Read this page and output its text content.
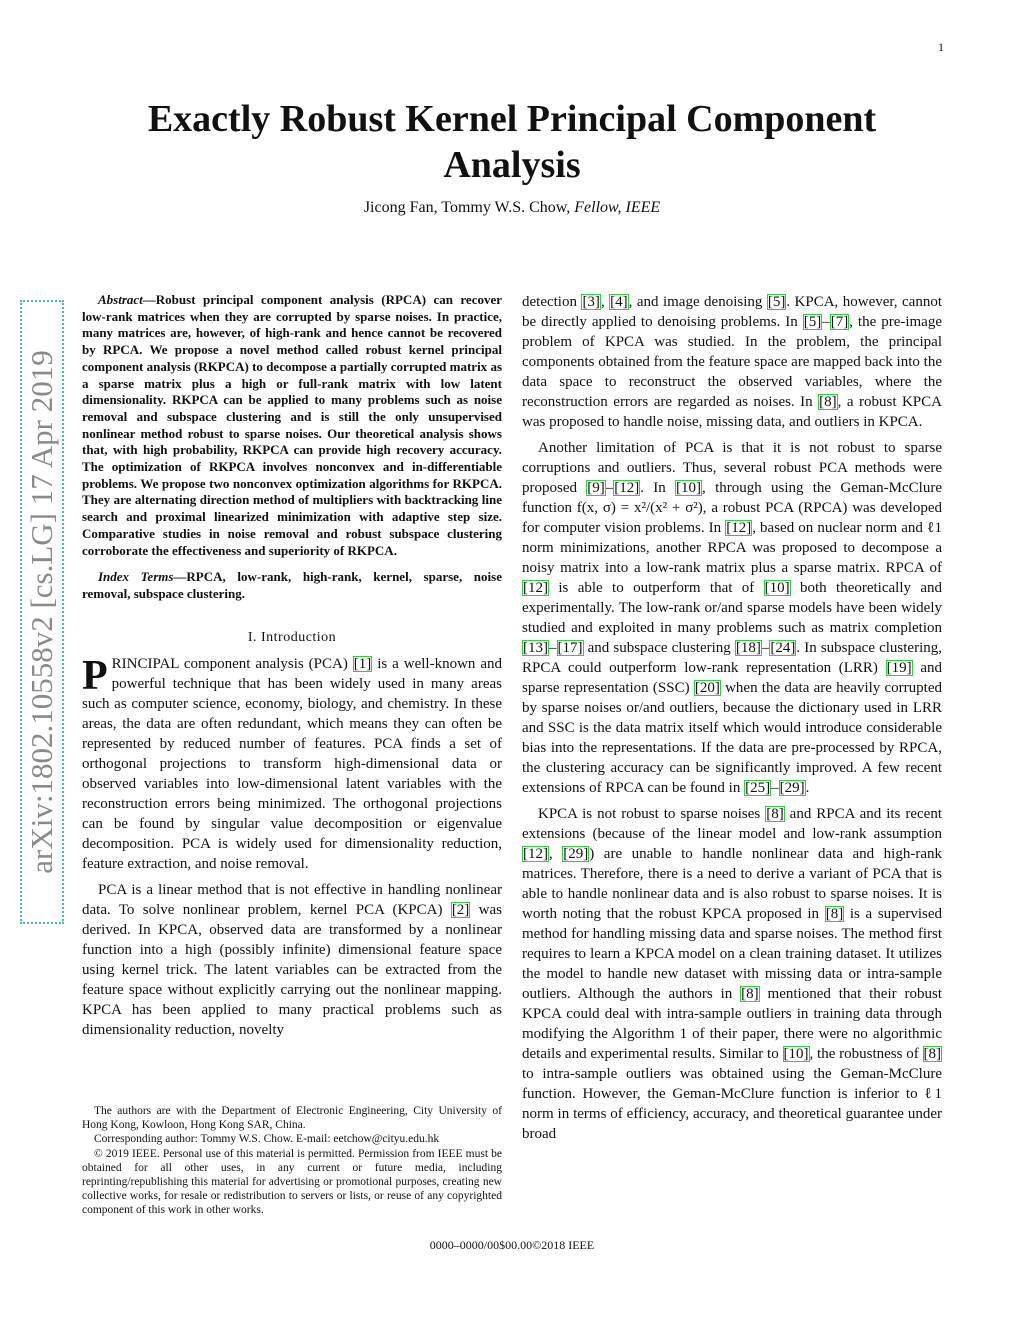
1
arXiv:1802.10558v2 [cs.LG] 17 Apr 2019
Exactly Robust Kernel Principal Component Analysis
Jicong Fan, Tommy W.S. Chow, Fellow, IEEE

Abstract—Robust principal component analysis (RPCA) can recover low-rank matrices when they are corrupted by sparse noises. In practice, many matrices are, however, of high-rank and hence cannot be recovered by RPCA. We propose a novel method called robust kernel principal component analysis (RKPCA) to decompose a partially corrupted matrix as a sparse matrix plus a high or full-rank matrix with low latent dimensionality. RKPCA can be applied to many problems such as noise removal and subspace clustering and is still the only unsupervised nonlinear method robust to sparse noises. Our theoretical analysis shows that, with high probability, RKPCA can provide high recovery accuracy. The optimization of RKPCA involves nonconvex and in-differentiable problems. We propose two nonconvex optimization algorithms for RKPCA. They are alternating direction method of multipliers with backtracking line search and proximal linearized minimization with adaptive step size. Comparative studies in noise removal and robust subspace clustering corroborate the effectiveness and superiority of RKPCA.

Index Terms—RPCA, low-rank, high-rank, kernel, sparse, noise removal, subspace clustering.

I. Introduction

PRINCIPAL component analysis (PCA) [1] is a well-known and powerful technique that has been widely used in many areas such as computer science, economy, biology, and chemistry. In these areas, the data are often redundant, which means they can often be represented by reduced number of features. PCA finds a set of orthogonal projections to transform high-dimensional data or observed variables into low-dimensional latent variables with the reconstruction errors being minimized. The orthogonal projections can be found by singular value decomposition or eigenvalue decomposition. PCA is widely used for dimensionality reduction, feature extraction, and noise removal.

PCA is a linear method that is not effective in handling nonlinear data. To solve nonlinear problem, kernel PCA (KPCA) [2] was derived. In KPCA, observed data are transformed by a nonlinear function into a high (possibly infinite) dimensional feature space using kernel trick. The latent variables can be extracted from the feature space without explicitly carrying out the nonlinear mapping. KPCA has been applied to many practical problems such as dimensionality reduction, novelty

The authors are with the Department of Electronic Engineering, City University of Hong Kong, Kowloon, Hong Kong SAR, China.

Corresponding author: Tommy W.S. Chow. E-mail: eetchow@cityu.edu.hk

© 2019 IEEE. Personal use of this material is permitted. Permission from IEEE must be obtained for all other uses, in any current or future media, including reprinting/republishing this material for advertising or promotional purposes, creating new collective works, for resale or redistribution to servers or lists, or reuse of any copyrighted component of this work in other works.

detection [3], [4], and image denoising [5]. KPCA, however, cannot be directly applied to denoising problems. In [5]–[7], the pre-image problem of KPCA was studied. In the problem, the principal components obtained from the feature space are mapped back into the data space to reconstruct the observed variables, where the reconstruction errors are regarded as noises. In [8], a robust KPCA was proposed to handle noise, missing data, and outliers in KPCA.

Another limitation of PCA is that it is not robust to sparse corruptions and outliers. Thus, several robust PCA methods were proposed [9]–[12]. In [10], through using the Geman-McClure function f(x, σ) = x²/(x² + σ²), a robust PCA (RPCA) was developed for computer vision problems. In [12], based on nuclear norm and ℓ1 norm minimizations, another RPCA was proposed to decompose a noisy matrix into a low-rank matrix plus a sparse matrix. RPCA of [12] is able to outperform that of [10] both theoretically and experimentally. The low-rank or/and sparse models have been widely studied and exploited in many problems such as matrix completion [13]–[17] and subspace clustering [18]–[24]. In subspace clustering, RPCA could outperform low-rank representation (LRR) [19] and sparse representation (SSC) [20] when the data are heavily corrupted by sparse noises or/and outliers, because the dictionary used in LRR and SSC is the data matrix itself which would introduce considerable bias into the representations. If the data are pre-processed by RPCA, the clustering accuracy can be significantly improved. A few recent extensions of RPCA can be found in [25]–[29].

KPCA is not robust to sparse noises [8] and RPCA and its recent extensions (because of the linear model and low-rank assumption [12], [29]) are unable to handle nonlinear data and high-rank matrices. Therefore, there is a need to derive a variant of PCA that is able to handle nonlinear data and is also robust to sparse noises. It is worth noting that the robust KPCA proposed in [8] is a supervised method for handling missing data and sparse noises. The method first requires to learn a KPCA model on a clean training dataset. It utilizes the model to handle new dataset with missing data or intra-sample outliers. Although the authors in [8] mentioned that their robust KPCA could deal with intra-sample outliers in training data through modifying the Algorithm 1 of their paper, there were no algorithmic details and experimental results. Similar to [10], the robustness of [8] to intra-sample outliers was obtained using the Geman-McClure function. However, the Geman-McClure function is inferior to ℓ1 norm in terms of efficiency, accuracy, and theoretical guarantee under broad

0000–0000/00$00.00©2018 IEEE
